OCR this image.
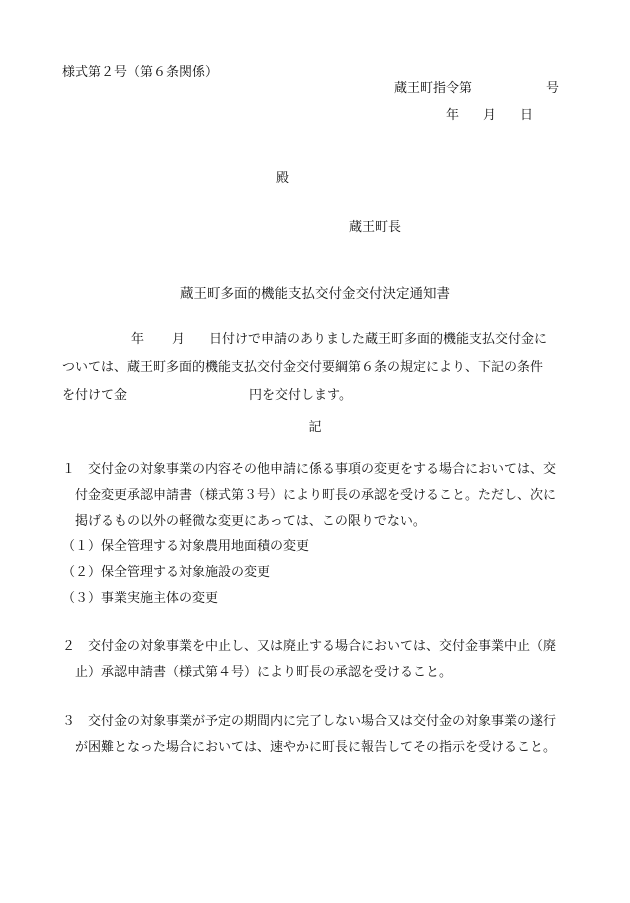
様式第２号（第６条関係）
蔵王町指令第	号
年 月 日
殿
蔵王町長
蔵王町多面的機能支払交付金交付決定通知書
年 月 日付けで申請のありました蔵王町多面的機能支払交付金に
ついては、蔵王町多面的機能支払交付金交付要綱第６条の規定により、下記の条件
を付けて金	円を交付します。
記
１ 交付金の対象事業の内容その他申請に係る事項の変更をする場合においては、交
付金変更承認申請書（様式第３号）により町長の承認を受けること。ただし、次に
掲げるもの以外の軽微な変更にあっては、この限りでない。
（１）保全管理する対象農用地面積の変更
（２）保全管理する対象施設の変更
（３）事業実施主体の変更
２ 交付金の対象事業を中止し、又は廃止する場合においては、交付金事業中止（廃
止）承認申請書（様式第４号）により町長の承認を受けること。
３ 交付金の対象事業が予定の期間内に完了しない場合又は交付金の対象事業の遂行
が困難となった場合においては、速やかに町長に報告してその指示を受けること。
